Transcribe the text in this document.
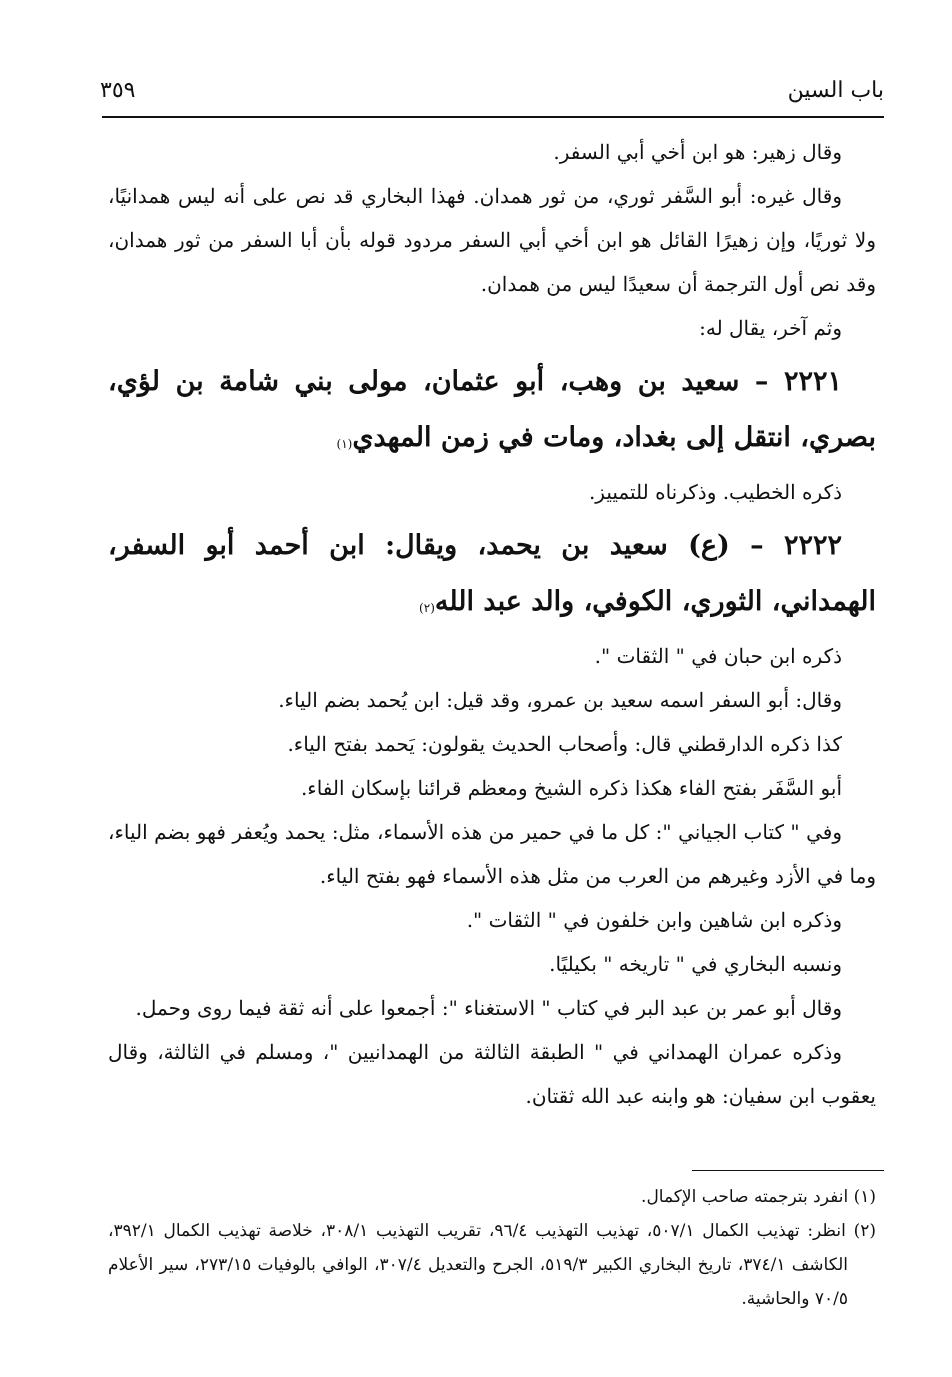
باب السين
٣٥٩

وقال زهير: هو ابن أخي أبي السفر.

وقال غيره: أبو السَّفر ثوري، من ثور همدان. فهذا البخاري قد نص على أنه ليس همدانيًا، ولا ثوريًا، وإن زهيرًا القائل هو ابن أخي أبي السفر مردود قوله بأن أبا السفر من ثور همدان، وقد نص أول الترجمة أن سعيدًا ليس من همدان.

وثم آخر، يقال له:

٢٢٢١ – سعيد بن وهب، أبو عثمان، مولى بني شامة بن لؤي، بصري، انتقل إلى بغداد، ومات في زمن المهدي$^{(١)}$

ذكره الخطيب. وذكرناه للتمييز.

٢٢٢٢ – (ع) سعيد بن يحمد، ويقال: ابن أحمد أبو السفر، الهمداني، الثوري، الكوفي، والد عبد الله$^{(٢)}$

ذكره ابن حبان في " الثقات ".

وقال: أبو السفر اسمه سعيد بن عمرو، وقد قيل: ابن يُحمد بضم الياء.

كذا ذكره الدارقطني قال: وأصحاب الحديث يقولون: يَحمد بفتح الياء.

أبو السَّفَر بفتح الفاء هكذا ذكره الشيخ ومعظم قرائنا بإسكان الفاء.

وفي " كتاب الجياني ": كل ما في حمير من هذه الأسماء، مثل: يحمد ويُعفر فهو بضم الياء، وما في الأزد وغيرهم من العرب من مثل هذه الأسماء فهو بفتح الياء.

وذكره ابن شاهين وابن خلفون في " الثقات ".

ونسبه البخاري في " تاريخه " بكيليًا.

وقال أبو عمر بن عبد البر في كتاب " الاستغناء ": أجمعوا على أنه ثقة فيما روى وحمل.

وذكره عمران الهمداني في " الطبقة الثالثة من الهمدانيين "، ومسلم في الثالثة، وقال يعقوب ابن سفيان: هو وابنه عبد الله ثقتان.

(١) انفرد بترجمته صاحب الإكمال.

(٢) انظر: تهذيب الكمال ٥٠٧/١، تهذيب التهذيب ٩٦/٤، تقريب التهذيب ٣٠٨/١، خلاصة تهذيب الكمال ٣٩٢/١، الكاشف ٣٧٤/١، تاريخ البخاري الكبير ٥١٩/٣، الجرح والتعديل ٣٠٧/٤، الوافي بالوفيات ٢٧٣/١٥، سير الأعلام ٧٠/٥ والحاشية.
